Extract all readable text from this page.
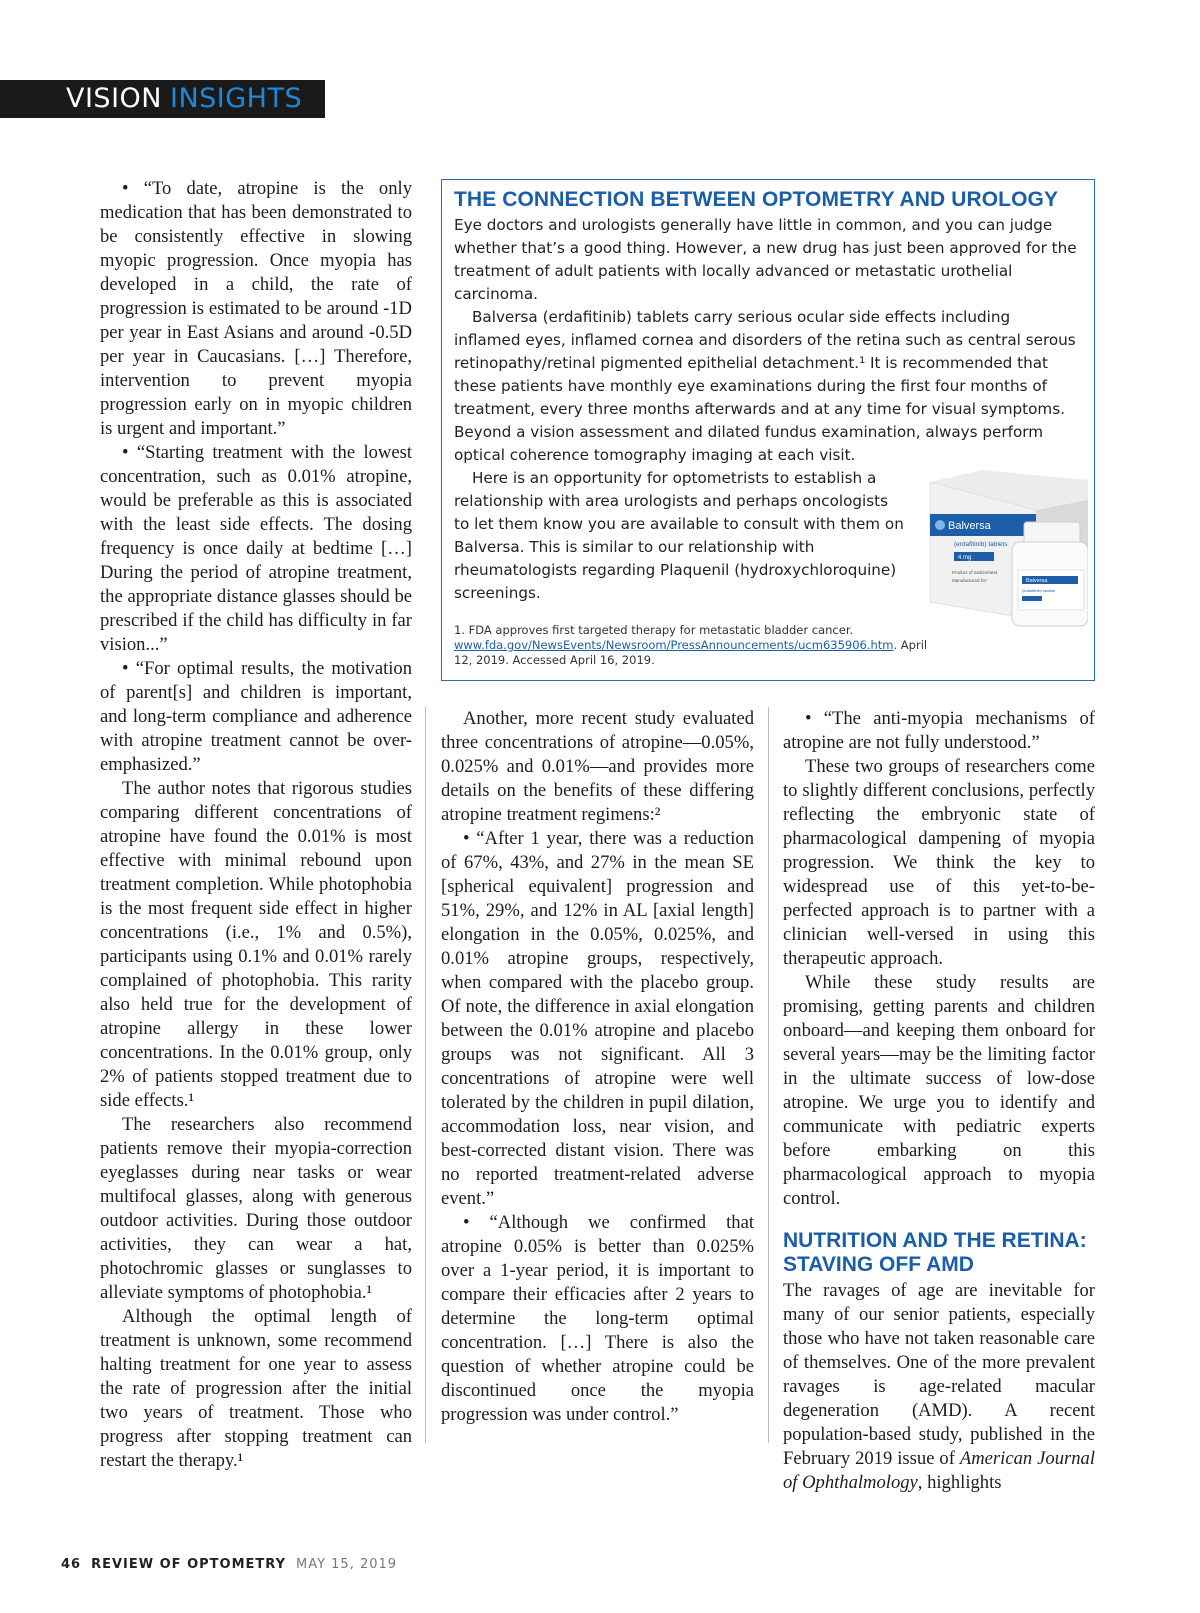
VISION INSIGHTS

• “To date, atropine is the only medication that has been demonstrated to be consistently effective in slowing myopic progression. Once myopia has developed in a child, the rate of progression is estimated to be around -1D per year in East Asians and around -0.5D per year in Caucasians. […] Therefore, intervention to prevent myopia progression early on in myopic children is urgent and important.”

• “Starting treatment with the lowest concentration, such as 0.01% atropine, would be preferable as this is associated with the least side effects. The dosing frequency is once daily at bedtime […] During the period of atropine treatment, the appropriate distance glasses should be prescribed if the child has difficulty in far vision...”

• “For optimal results, the motivation of parent[s] and children is important, and long-term compliance and adherence with atropine treatment cannot be over-emphasized.”

The author notes that rigorous studies comparing different concentrations of atropine have found the 0.01% is most effective with minimal rebound upon treatment completion. While photophobia is the most frequent side effect in higher concentrations (i.e., 1% and 0.5%), participants using 0.1% and 0.01% rarely complained of photophobia. This rarity also held true for the development of atropine allergy in these lower concentrations. In the 0.01% group, only 2% of patients stopped treatment due to side effects.¹

The researchers also recommend patients remove their myopia-correction eyeglasses during near tasks or wear multifocal glasses, along with generous outdoor activities. During those outdoor activities, they can wear a hat, photochromic glasses or sunglasses to alleviate symptoms of photophobia.¹

Although the optimal length of treatment is unknown, some recommend halting treatment for one year to assess the rate of progression after the initial two years of treatment. Those who progress after stopping treatment can restart the therapy.¹

THE CONNECTION BETWEEN OPTOMETRY AND UROLOGY

Eye doctors and urologists generally have little in common, and you can judge whether that’s a good thing. However, a new drug has just been approved for the treatment of adult patients with locally advanced or metastatic urothelial carcinoma.

Balversa (erdafitinib) tablets carry serious ocular side effects including inflamed eyes, inflamed cornea and disorders of the retina such as central serous retinopathy/retinal pigmented epithelial detachment.¹ It is recommended that these patients have monthly eye examinations during the first four months of treatment, every three months afterwards and at any time for visual symptoms. Beyond a vision assessment and dilated fundus examination, always perform optical coherence tomography imaging at each visit.

Here is an opportunity for optometrists to establish a relationship with area urologists and perhaps oncologists to let them know you are available to consult with them on Balversa. This is similar to our relationship with rheumatologists regarding Plaquenil (hydroxychloroquine) screenings.

1. FDA approves first targeted therapy for metastatic bladder cancer. www.fda.gov/NewsEvents/Newsroom/PressAnnouncements/ucm635906.htm. April 12, 2019. Accessed April 16, 2019.
Balversa
(erdafitinib) tablets
4 mg
Product of Switzerland
Manufactured for:	Balversa
(erdafitinib) tablets

Another, more recent study evaluated three concentrations of atropine—0.05%, 0.025% and 0.01%—and provides more details on the benefits of these differing atropine treatment regimens:²

• “After 1 year, there was a reduction of 67%, 43%, and 27% in the mean SE [spherical equivalent] progression and 51%, 29%, and 12% in AL [axial length] elongation in the 0.05%, 0.025%, and 0.01% atropine groups, respectively, when compared with the placebo group. Of note, the difference in axial elongation between the 0.01% atropine and placebo groups was not significant. All 3 concentrations of atropine were well tolerated by the children in pupil dilation, accommodation loss, near vision, and best-corrected distant vision. There was no reported treatment-related adverse event.”

• “Although we confirmed that atropine 0.05% is better than 0.025% over a 1-year period, it is important to compare their efficacies after 2 years to determine the long-term optimal concentration. […] There is also the question of whether atropine could be discontinued once the myopia progression was under control.”

• “The anti-myopia mechanisms of atropine are not fully understood.”

These two groups of researchers come to slightly different conclusions, perfectly reflecting the embryonic state of pharmacological dampening of myopia progression. We think the key to widespread use of this yet-to-be-perfected approach is to partner with a clinician well-versed in using this therapeutic approach.

While these study results are promising, getting parents and children onboard—and keeping them onboard for several years—may be the limiting factor in the ultimate success of low-dose atropine. We urge you to identify and communicate with pediatric experts before embarking on this pharmacological approach to myopia control.

NUTRITION AND THE RETINA:
STAVING OFF AMD

The ravages of age are inevitable for many of our senior patients, especially those who have not taken reasonable care of themselves. One of the more prevalent ravages is age-related macular degeneration (AMD). A recent population-based study, published in the February 2019 issue of American Journal of Ophthalmology, highlights

46 REVIEW OF OPTOMETRY MAY 15, 2019
